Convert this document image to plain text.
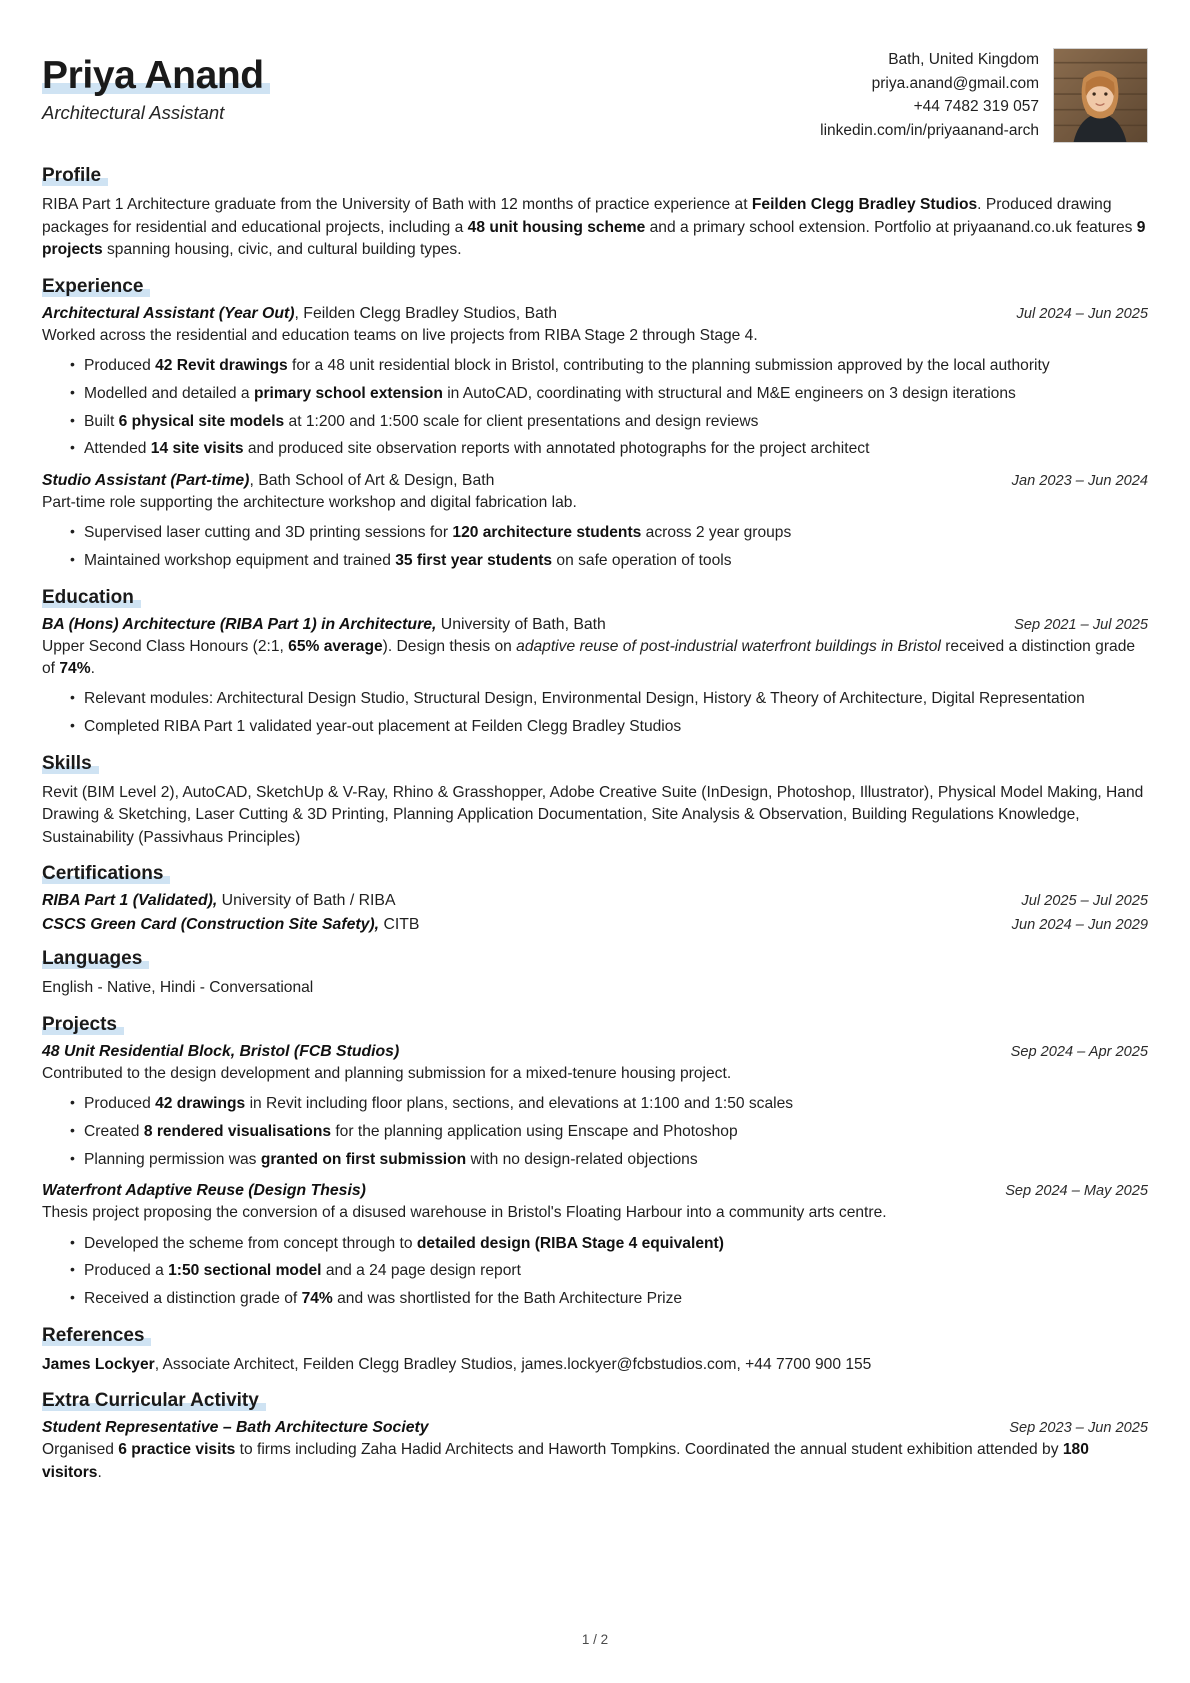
Priya Anand
Architectural Assistant
Bath, United Kingdom
priya.anand@gmail.com
+44 7482 319 057
linkedin.com/in/priyaanand-arch
Profile

RIBA Part 1 Architecture graduate from the University of Bath with 12 months of practice experience at Feilden Clegg Bradley Studios. Produced drawing packages for residential and educational projects, including a 48 unit housing scheme and a primary school extension. Portfolio at priyaanand.co.uk features 9 projects spanning housing, civic, and cultural building types.

Experience
Architectural Assistant (Year Out), Feilden Clegg Bradley Studios, Bath	Jul 2024 – Jun 2025
Worked across the residential and education teams on live projects from RIBA Stage 2 through Stage 4.
• Produced 42 Revit drawings for a 48 unit residential block in Bristol, contributing to the planning submission approved by the local authority
• Modelled and detailed a primary school extension in AutoCAD, coordinating with structural and M&E engineers on 3 design iterations
• Built 6 physical site models at 1:200 and 1:500 scale for client presentations and design reviews
• Attended 14 site visits and produced site observation reports with annotated photographs for the project architect
Studio Assistant (Part-time), Bath School of Art & Design, Bath	Jan 2023 – Jun 2024
Part-time role supporting the architecture workshop and digital fabrication lab.
• Supervised laser cutting and 3D printing sessions for 120 architecture students across 2 year groups
• Maintained workshop equipment and trained 35 first year students on safe operation of tools
Education
BA (Hons) Architecture (RIBA Part 1) in Architecture, University of Bath, Bath	Sep 2021 – Jul 2025
Upper Second Class Honours (2:1, 65% average). Design thesis on adaptive reuse of post-industrial waterfront buildings in Bristol received a distinction grade of 74%.
• Relevant modules: Architectural Design Studio, Structural Design, Environmental Design, History & Theory of Architecture, Digital Representation
• Completed RIBA Part 1 validated year-out placement at Feilden Clegg Bradley Studios
Skills

Revit (BIM Level 2), AutoCAD, SketchUp & V-Ray, Rhino & Grasshopper, Adobe Creative Suite (InDesign, Photoshop, Illustrator), Physical Model Making, Hand Drawing & Sketching, Laser Cutting & 3D Printing, Planning Application Documentation, Site Analysis & Observation, Building Regulations Knowledge, Sustainability (Passivhaus Principles)

Certifications
RIBA Part 1 (Validated), University of Bath / RIBA	Jul 2025 – Jul 2025
CSCS Green Card (Construction Site Safety), CITB	Jun 2024 – Jun 2029
Languages

English - Native, Hindi - Conversational

Projects
48 Unit Residential Block, Bristol (FCB Studios)	Sep 2024 – Apr 2025
Contributed to the design development and planning submission for a mixed-tenure housing project.
• Produced 42 drawings in Revit including floor plans, sections, and elevations at 1:100 and 1:50 scales
• Created 8 rendered visualisations for the planning application using Enscape and Photoshop
• Planning permission was granted on first submission with no design-related objections
Waterfront Adaptive Reuse (Design Thesis)	Sep 2024 – May 2025
Thesis project proposing the conversion of a disused warehouse in Bristol's Floating Harbour into a community arts centre.
• Developed the scheme from concept through to detailed design (RIBA Stage 4 equivalent)
• Produced a 1:50 sectional model and a 24 page design report
• Received a distinction grade of 74% and was shortlisted for the Bath Architecture Prize
References

James Lockyer, Associate Architect, Feilden Clegg Bradley Studios, james.lockyer@fcbstudios.com, +44 7700 900 155

Extra Curricular Activity
Student Representative – Bath Architecture Society	Sep 2023 – Jun 2025
Organised 6 practice visits to firms including Zaha Hadid Architects and Haworth Tompkins. Coordinated the annual student exhibition attended by 180 visitors.
1 / 2
